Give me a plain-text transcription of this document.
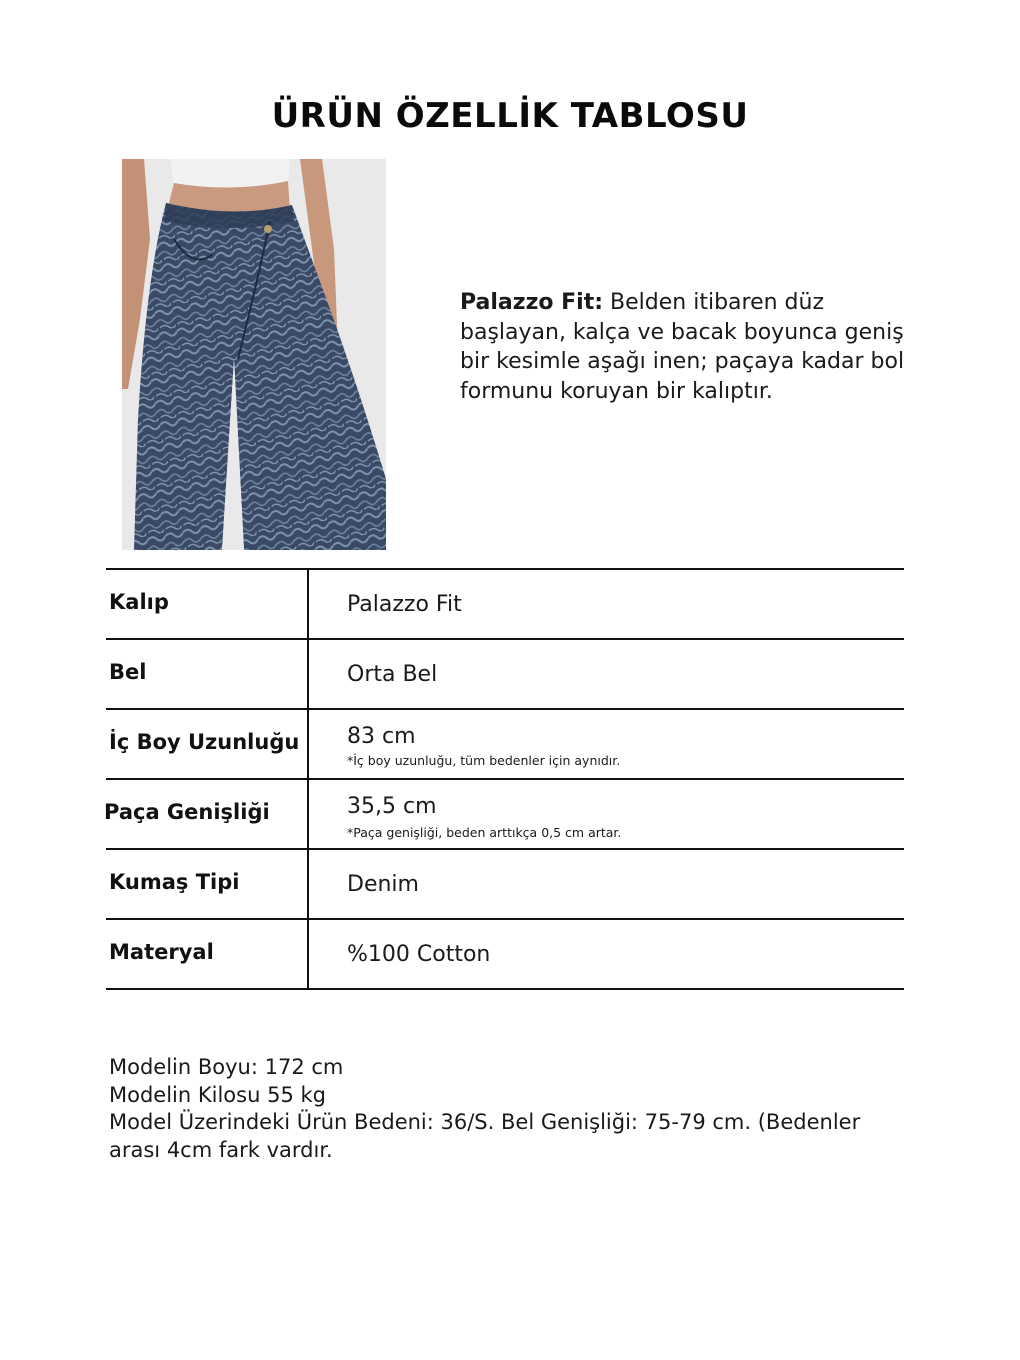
ÜRÜN ÖZELLİK TABLOSU
Palazzo Fit: Belden itibaren düz başlayan, kalça ve bacak boyunca geniş bir kesimle aşağı inen; paçaya kadar bol formunu koruyan bir kalıptır.
Kalıp	Palazzo Fit
Bel	Orta Bel
İç Boy Uzunluğu 83 cm
*İç boy uzunluğu, tüm bedenler için aynıdır.
Paça Genişliği	35,5 cm
*Paça genişliği, beden arttıkça 0,5 cm artar.
Kumaş Tipi	Denim
Materyal	%100 Cotton
Modelin Boyu: 172 cm
Modelin Kilosu 55 kg
Model Üzerindeki Ürün Bedeni: 36/S. Bel Genişliği: 75-79 cm. (Bedenler
arası 4cm fark vardır.
